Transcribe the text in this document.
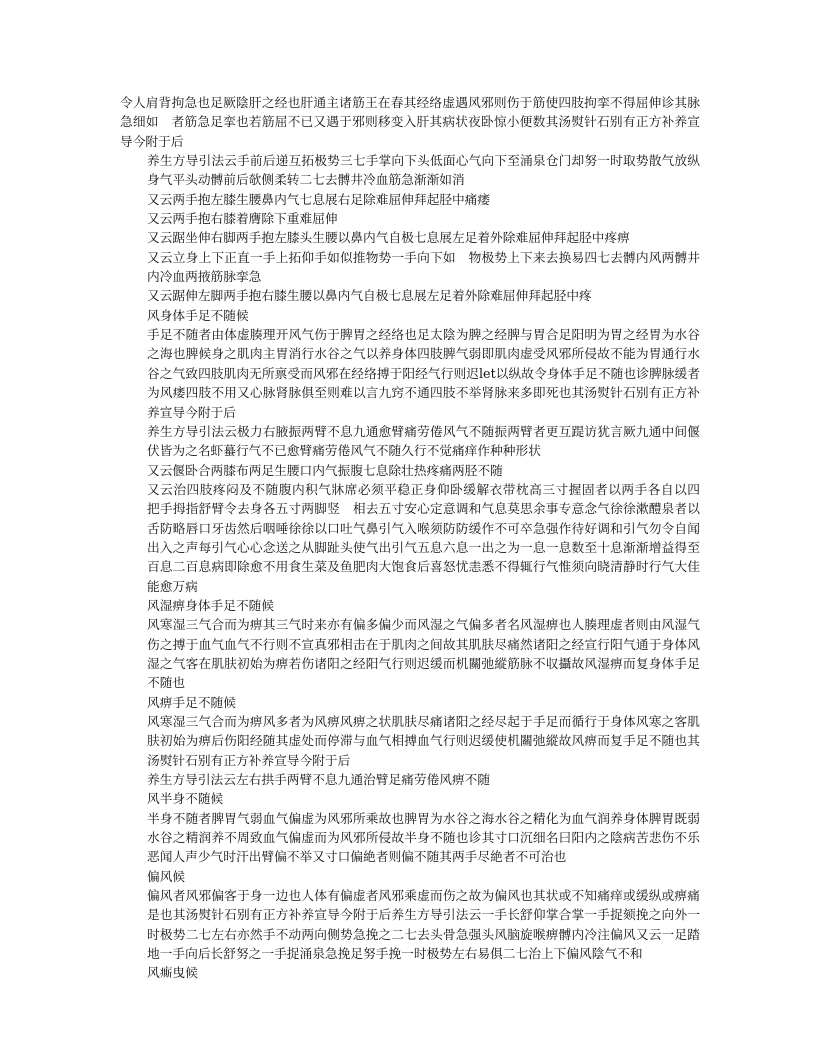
令人肩背拘急也足厥陰肝之经也肝通主诸筋王在春其经络虚遇风邪则伤于筋使四肢拘挛不得屈伸诊其脉急细如　者筋急足挛也若筋屈不已又遇于邪则移变入肝其病状夜卧惊小便数其汤熨针石别有正方补养宣导今附于后

养生方导引法云手前后递互拓极势三七手掌向下头低面心气向下至涌泉仓门却努一时取势散气放纵身气平头动髆前后欹侧柔转二七去髆井冷血筋急渐渐如消

又云两手抱左膝生腰鼻内气七息展右足除难屈伸拜起胫中痛痿

又云两手抱右膝着膺除下重难屈伸

又云踞坐伸右脚两手抱左膝头生腰以鼻内气自极七息展左足着外除难屈伸拜起胫中疼痹

又云立身上下正直一手上拓仰手如似推物势一手向下如　物极势上下来去换易四七去髆内风两髆井内冷血两掖筋脉挛急

又云踞伸左脚两手抱右膝生腰以鼻内气自极七息展左足着外除难屈伸拜起胫中疼

风身体手足不随候

手足不随者由体虚腠理开风气伤于脾胃之经络也足太陰为脾之经脾与胃合足阳明为胃之经胃为水谷之海也脾候身之肌肉主胃消行水谷之气以养身体四肢脾气弱即肌肉虚受风邪所侵故不能为胃通行水谷之气致四肢肌肉无所禀受而风邪在经络搏于阳经气行则迟let以纵故令身体手足不随也诊脾脉缓者为风痿四肢不用又心脉肾脉俱至则难以言九窍不通四肢不举肾脉来多即死也其汤熨针石别有正方补养宣导今附于后

养生方导引法云极力右腋振两臂不息九通愈臂痛劳倦风气不随振两臂者更互踶访犹言厥九通中间偃伏皆为之名虾蟇行气不已愈臂痛劳倦风气不随久行不觉痛痒作种种形状

又云偃卧合两膝布两足生腰口内气振腹七息除壮热疼痛两胫不随

又云治四肢疼闷及不随腹内积气牀席必须平稳正身仰卧缓解衣带枕高三寸握固者以两手各自以四　把手拇指舒臂令去身各五寸两脚竖　相去五寸安心定意调和气息莫思余事专意念气徐徐漱醴泉者以舌防略唇口牙齿然后咽唾徐徐以口吐气鼻引气入喉须防防缓作不可卒急强作待好调和引气勿令自闻出入之声每引气心心念送之从脚趾头使气出引气五息六息一出之为一息一息数至十息渐渐增益得至百息二百息病即除愈不用食生菜及鱼肥肉大饱食后喜怒忧恚悉不得辄行气惟须向晓清静时行气大佳能愈万病

风湿痹身体手足不随候

风寒湿三气合而为痹其三气时来亦有偏多偏少而风湿之气偏多者名风湿痹也人腠理虚者则由风湿气伤之搏于血气血气不行则不宣真邪相击在于肌肉之间故其肌肤尽痛然诸阳之经宣行阳气通于身体风湿之气客在肌肤初始为痹若伤诸阳之经阳气行则迟缓而机關弛縱筋脉不収攝故风湿痹而复身体手足不随也

风痹手足不随候

风寒湿三气合而为痹风多者为风痹风痹之状肌肤尽痛诸阳之经尽起于手足而循行于身体风寒之客肌肤初始为痹后伤阳经随其虚处而停滞与血气相搏血气行则迟缓使机關弛縱故风痹而复手足不随也其汤熨针石别有正方补养宣导今附于后

养生方导引法云左右拱手两臂不息九通治臂足痛劳倦风痹不随

风半身不随候

半身不随者脾胃气弱血气偏虚为风邪所乘故也脾胃为水谷之海水谷之精化为血气润养身体脾胃既弱水谷之精润养不周致血气偏虚而为风邪所侵故半身不随也诊其寸口沉细名曰阳内之陰病苦悲伤不乐恶闻人声少气时汗出臂偏不举又寸口偏絶者则偏不随其两手尽絶者不可治也

偏风候

偏风者风邪偏客于身一边也人体有偏虚者风邪乘虚而伤之故为偏风也其状或不知痛痒或缓纵或痹痛是也其汤熨针石别有正方补养宣导今附于后养生方导引法云一手长舒仰掌合掌一手捉颏挽之向外一时极势二七左右亦然手不动两向侧势急挽之二七去头骨急强头风脑旋喉痹髆内冷注偏风又云一足踏地一手向后长舒努之一手捉涌泉急挽足努手挽一时极势左右易俱二七治上下偏风陰气不和

风𤺊曳候
